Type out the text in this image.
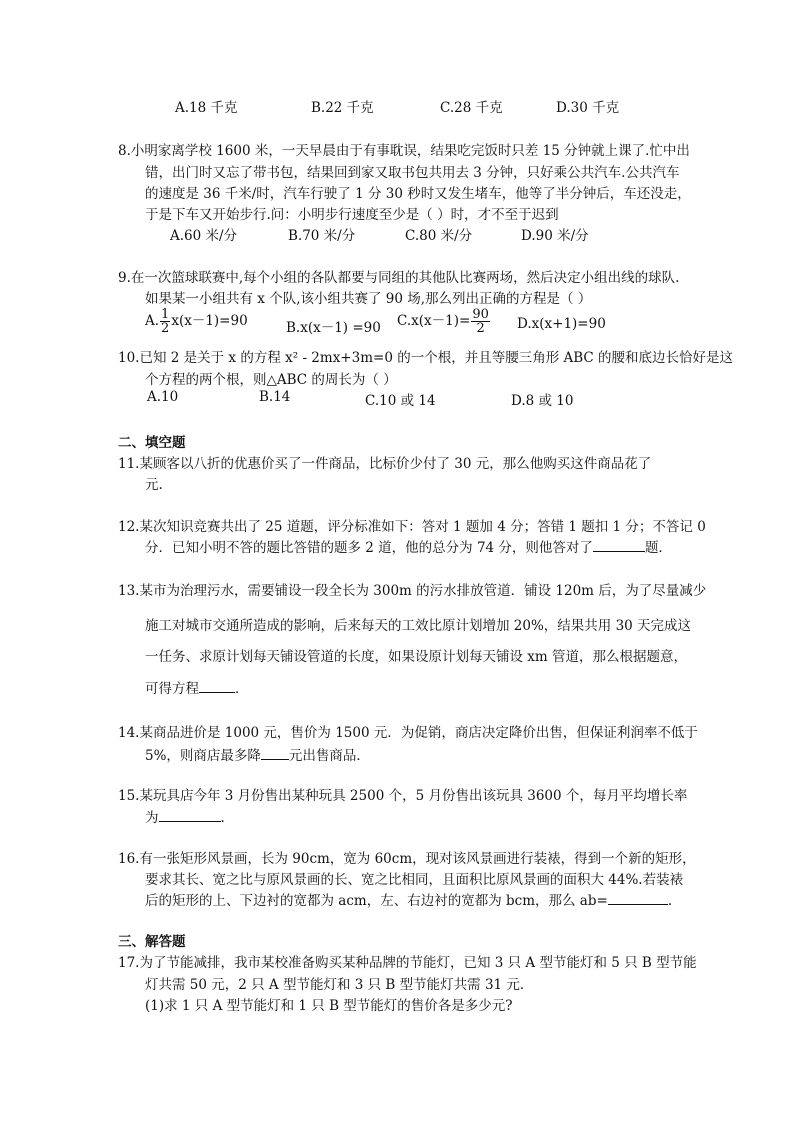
A.18 千克	B.22 千克	C.28 千克	D.30 千克
8.小明家离学校 1600 米，一天早晨由于有事耽误，结果吃完饭时只差 15 分钟就上课了.忙中出
错，出门时又忘了带书包，结果回到家又取书包共用去 3 分钟，只好乘公共汽车.公共汽车
的速度是 36 千米/时，汽车行驶了 1 分 30 秒时又发生堵车，他等了半分钟后，车还没走，
于是下车又开始步行.问：小明步行速度至少是（ ）时，才不至于迟到
A.60 米/分	B.70 米/分	C.80 米/分	D.90 米/分
9.在一次篮球联赛中,每个小组的各队都要与同组的其他队比赛两场，然后决定小组出线的球队.
如果某一小组共有 x 个队,该小组共赛了 90 场,那么列出正确的方程是（ ）
A. $\frac{1}{2} x(x-1)=90$	B.x(x－1) =90 $C.x(x-1)= \frac{90}{2} D.x(x+1)=90$
10.已知 2 是关于 x 的方程 x² - 2mx+3m=0 的一个根，并且等腰三角形 ABC 的腰和底边长恰好是这
个方程的两个根，则△ABC 的周长为（ ）
A.10	B.14	C.10 或 14	D.8 或 10
二、填空题
11.某顾客以八折的优惠价买了一件商品，比标价少付了 30 元，那么他购买这件商品花了
元.
12.某次知识竞赛共出了 25 道题，评分标准如下：答对 1 题加 4 分；答错 1 题扣 1 分；不答记 0
分．已知小明不答的题比答错的题多 2 道，他的总分为 74 分，则他答对了	题．
13.某市为治理污水，需要铺设一段全长为 300m 的污水排放管道．铺设 120m 后，为了尽量减少
施工对城市交通所造成的影响，后来每天的工效比原计划增加 20%，结果共用 30 天完成这
一任务、求原计划每天铺设管道的长度，如果设原计划每天铺设 xm 管道，那么根据题意，
可得方程	．
14.某商品进价是 1000 元，售价为 1500 元．为促销，商店决定降价出售，但保证利润率不低于
5%，则商店最多降 元出售商品．
15.某玩具店今年 3 月份售出某种玩具 2500 个，5 月份售出该玩具 3600 个，每月平均增长率
为	.
16.有一张矩形风景画，长为 90cm，宽为 60cm，现对该风景画进行装裱，得到一个新的矩形，
要求其长、宽之比与原风景画的长、宽之比相同，且面积比原风景画的面积大 44%.若装裱
后的矩形的上、下边衬的宽都为 acm，左、右边衬的宽都为 bcm，那么 ab=	.
三、解答题
17.为了节能减排，我市某校准备购买某种品牌的节能灯，已知 3 只 A 型节能灯和 5 只 B 型节能
灯共需 50 元，2 只 A 型节能灯和 3 只 B 型节能灯共需 31 元．
(1)求 1 只 A 型节能灯和 1 只 B 型节能灯的售价各是多少元?
